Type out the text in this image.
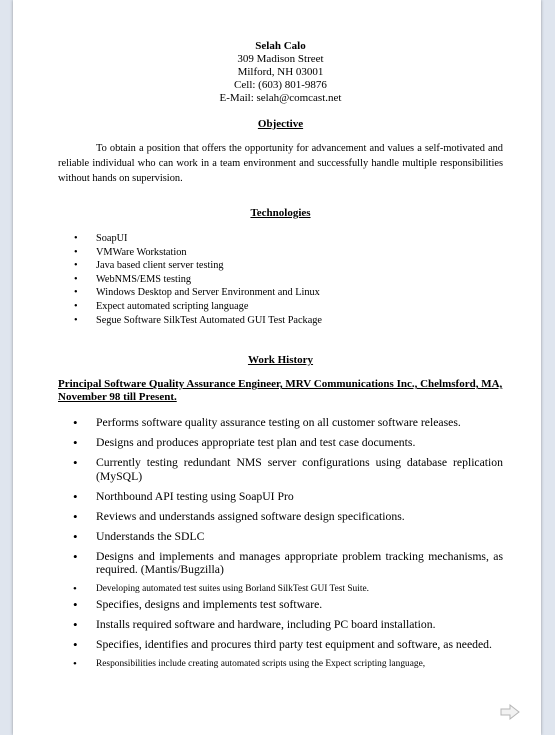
Selah Calo
309 Madison Street
Milford, NH 03001
Cell: (603) 801-9876
E-Mail: selah@comcast.net
Objective
To obtain a position that offers the opportunity for advancement and values a self-motivated and reliable individual who can work in a team environment and successfully handle multiple responsibilities without hands on supervision.
Technologies
• SoapUI
• VMWare Workstation
• Java based client server testing
• WebNMS/EMS testing
• Windows Desktop and Server Environment and Linux
• Expect automated scripting language
• Segue Software SilkTest Automated GUI Test Package
Work History
Principal Software Quality Assurance Engineer, MRV Communications Inc., Chelmsford, MA, November 98 till Present.
• Performs software quality assurance testing on all customer software releases.
• Designs and produces appropriate test plan and test case documents.
• Currently testing redundant NMS server configurations using database replication (MySQL)
• Northbound API testing using SoapUI Pro
• Reviews and understands assigned software design specifications.
• Understands the SDLC
• Designs and implements and manages appropriate problem tracking mechanisms, as required. (Mantis/Bugzilla)
• Developing automated test suites using Borland SilkTest GUI Test Suite.
• Specifies, designs and implements test software.
• Installs required software and hardware, including PC board installation.
• Specifies, identifies and procures third party test equipment and software, as needed.
• Responsibilities include creating automated scripts using the Expect scripting language,
